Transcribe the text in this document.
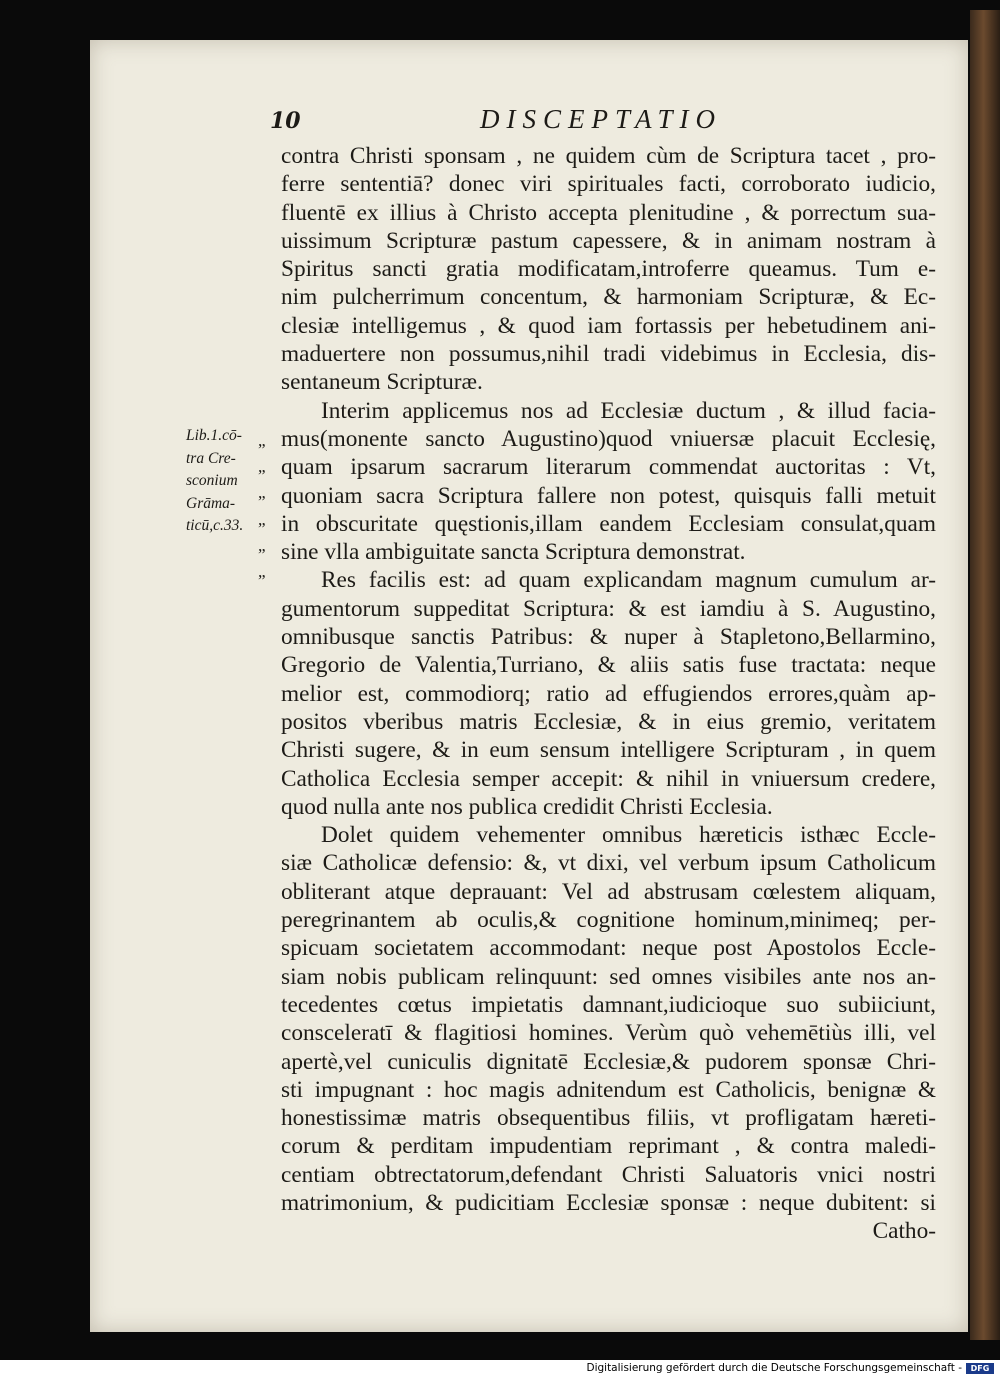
10	DISCEPTATIO
contra Christi sponsam , ne quidem cùm de Scriptura tacet , pro-
ferre sententiā? donec viri spirituales facti, corroborato iudicio,
fluentē ex illius à Christo accepta plenitudine , & porrectum sua-
uissimum Scripturæ pastum capessere, & in animam nostram à
Spiritus sancti gratia modificatam,introferre queamus. Tum e-
nim pulcherrimum concentum, & harmoniam Scripturæ, & Ec-
clesiæ intelligemus , & quod iam fortassis per hebetudinem ani-
maduertere non possumus,nihil tradi videbimus in Ecclesia, dis-
sentaneum Scripturæ.
Interim applicemus nos ad Ecclesiæ ductum , & illud facia-
mus(monente sancto Augustino)quod vniuersæ placuit Ecclesię,
quam ipsarum sacrarum literarum commendat auctoritas : Vt,
quoniam sacra Scriptura fallere non potest, quisquis falli metuit
in obscuritate quęstionis,illam eandem Ecclesiam consulat,quam
sine vlla ambiguitate sancta Scriptura demonstrat.
Res facilis est: ad quam explicandam magnum cumulum ar-
gumentorum suppeditat Scriptura: & est iamdiu à S. Augustino,
omnibusque sanctis Patribus: & nuper à Stapletono,Bellarmino,
Gregorio de Valentia,Turriano, & aliis satis fuse tractata: neque
melior est, commodiorq; ratio ad effugiendos errores,quàm ap-
positos vberibus matris Ecclesiæ, & in eius gremio, veritatem
Christi sugere, & in eum sensum intelligere Scripturam , in quem
Catholica Ecclesia semper accepit: & nihil in vniuersum credere,
quod nulla ante nos publica credidit Christi Ecclesia.
Dolet quidem vehementer omnibus hæreticis isthæc Eccle-
siæ Catholicæ defensio: &, vt dixi, vel verbum ipsum Catholicum
obliterant atque deprauant: Vel ad abstrusam cœlestem aliquam,
peregrinantem ab oculis,& cognitione hominum,minimeq; per-
spicuam societatem accommodant: neque post Apostolos Eccle-
siam nobis publicam relinquunt: sed omnes visibiles ante nos an-
tecedentes cœtus impietatis damnant,iudicioque suo subiiciunt,
consceleratī & flagitiosi homines. Verùm quò vehemētiùs illi, vel
apertè,vel cuniculis dignitatē Ecclesiæ,& pudorem sponsæ Chri-
sti impugnant : hoc magis adnitendum est Catholicis, benignæ &
honestissimæ matris obsequentibus filiis, vt profligatam hæreti-
corum & perditam impudentiam reprimant , & contra maledi-
centiam obtrectatorum,defendant Christi Saluatoris vnici nostri
matrimonium, & pudicitiam Ecclesiæ sponsæ : neque dubitent: si
Catho-
Lib.1.cō-
tra Cre-
sconium
Grāma-
ticū,c.33.
„
„
„
„
„
„
Digitalisierung gefördert durch die Deutsche Forschungsgemeinschaft -	DFG
